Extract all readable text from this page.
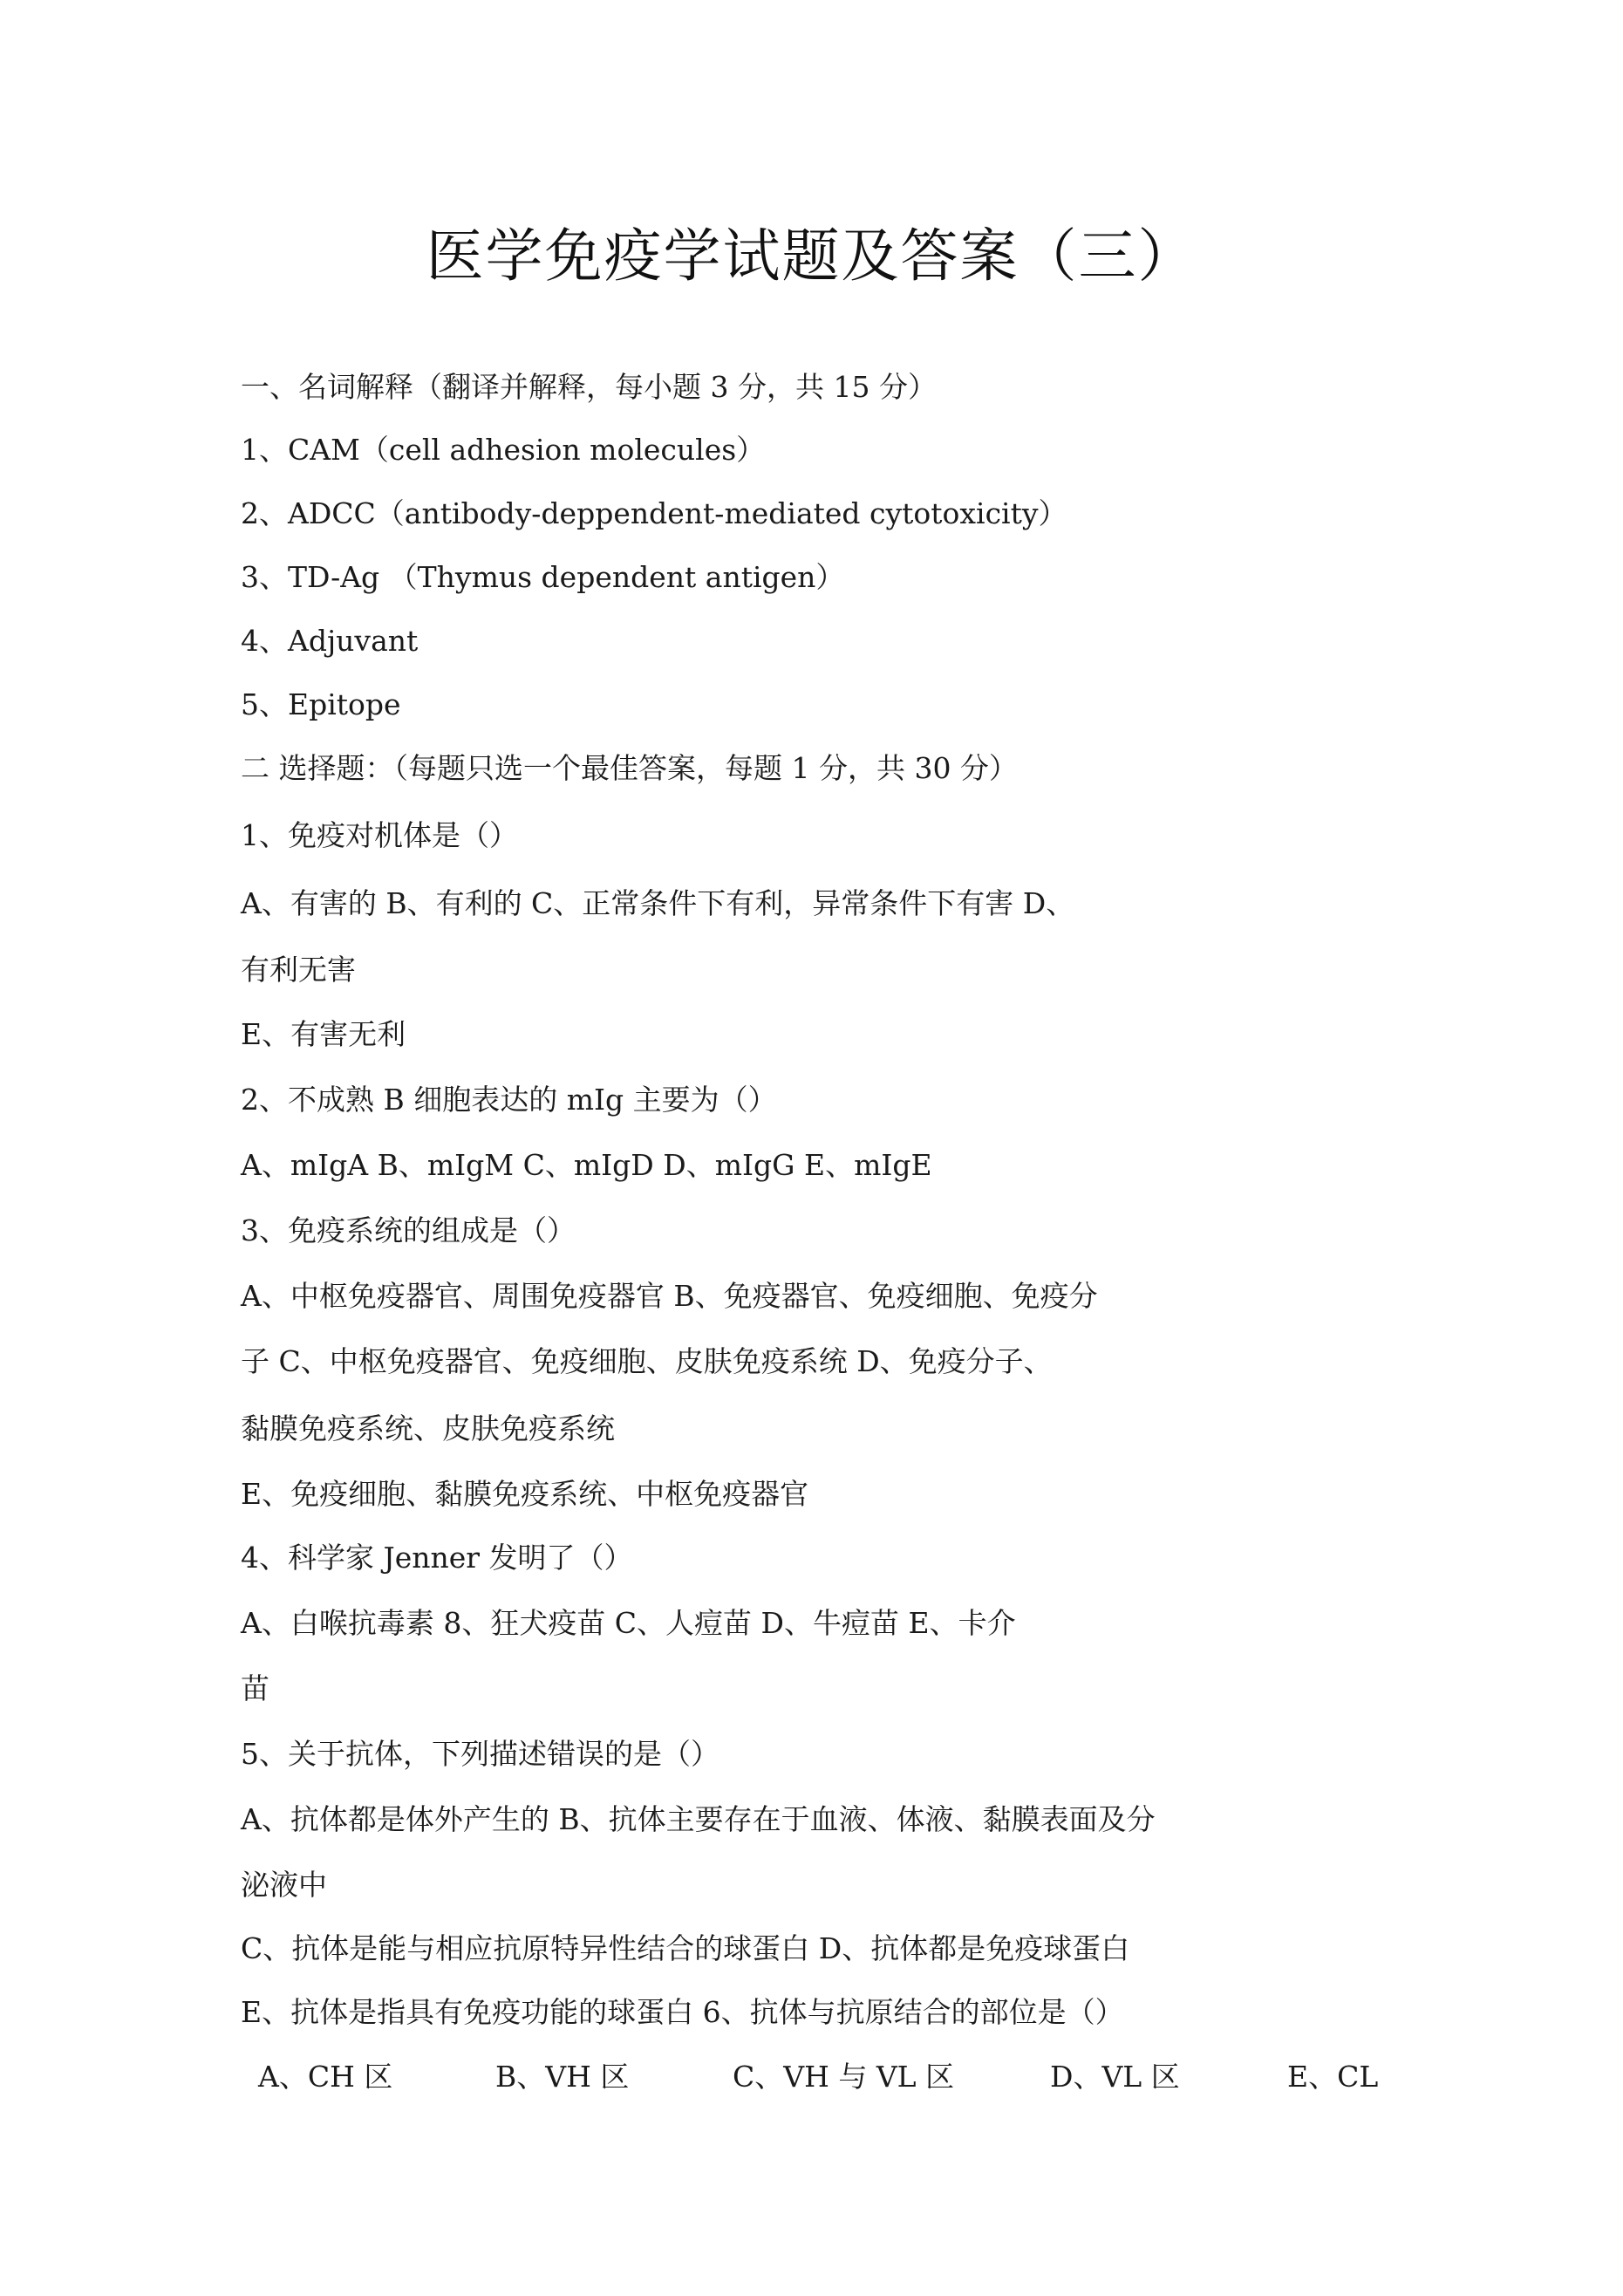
医学免疫学试题及答案（三）
一、名词解释（翻译并解释，每小题 3 分，共 15 分）
1、CAM（cell adhesion molecules）
2、ADCC（antibody-deppendent-mediated cytotoxicity）
3、TD-Ag （Thymus dependent antigen）
4、Adjuvant
5、Epitope
二 选择题：（每题只选一个最佳答案，每题 1 分，共 30 分）
1、免疫对机体是（）
A、有害的 B、有利的 C、正常条件下有利，异常条件下有害 D、
有利无害
E、有害无利
2、不成熟 B 细胞表达的 mIg 主要为（）
A、mIgA B、mIgM C、mIgD D、mIgG E、mIgE
3、免疫系统的组成是（）
A、中枢免疫器官、周围免疫器官 B、免疫器官、免疫细胞、免疫分
子 C、中枢免疫器官、免疫细胞、皮肤免疫系统 D、免疫分子、
黏膜免疫系统、皮肤免疫系统
E、免疫细胞、黏膜免疫系统、中枢免疫器官
4、科学家 Jenner 发明了（）
A、白喉抗毒素 8、狂犬疫苗 C、人痘苗 D、牛痘苗 E、卡介
苗
5、关于抗体，下列描述错误的是（）
A、抗体都是体外产生的 B、抗体主要存在于血液、体液、黏膜表面及分
泌液中
C、抗体是能与相应抗原特异性结合的球蛋白 D、抗体都是免疫球蛋白
E、抗体是指具有免疫功能的球蛋白 6、抗体与抗原结合的部位是（）
A、CH 区	B、VH 区	C、VH 与 VL 区	D、VL 区	E、CL
